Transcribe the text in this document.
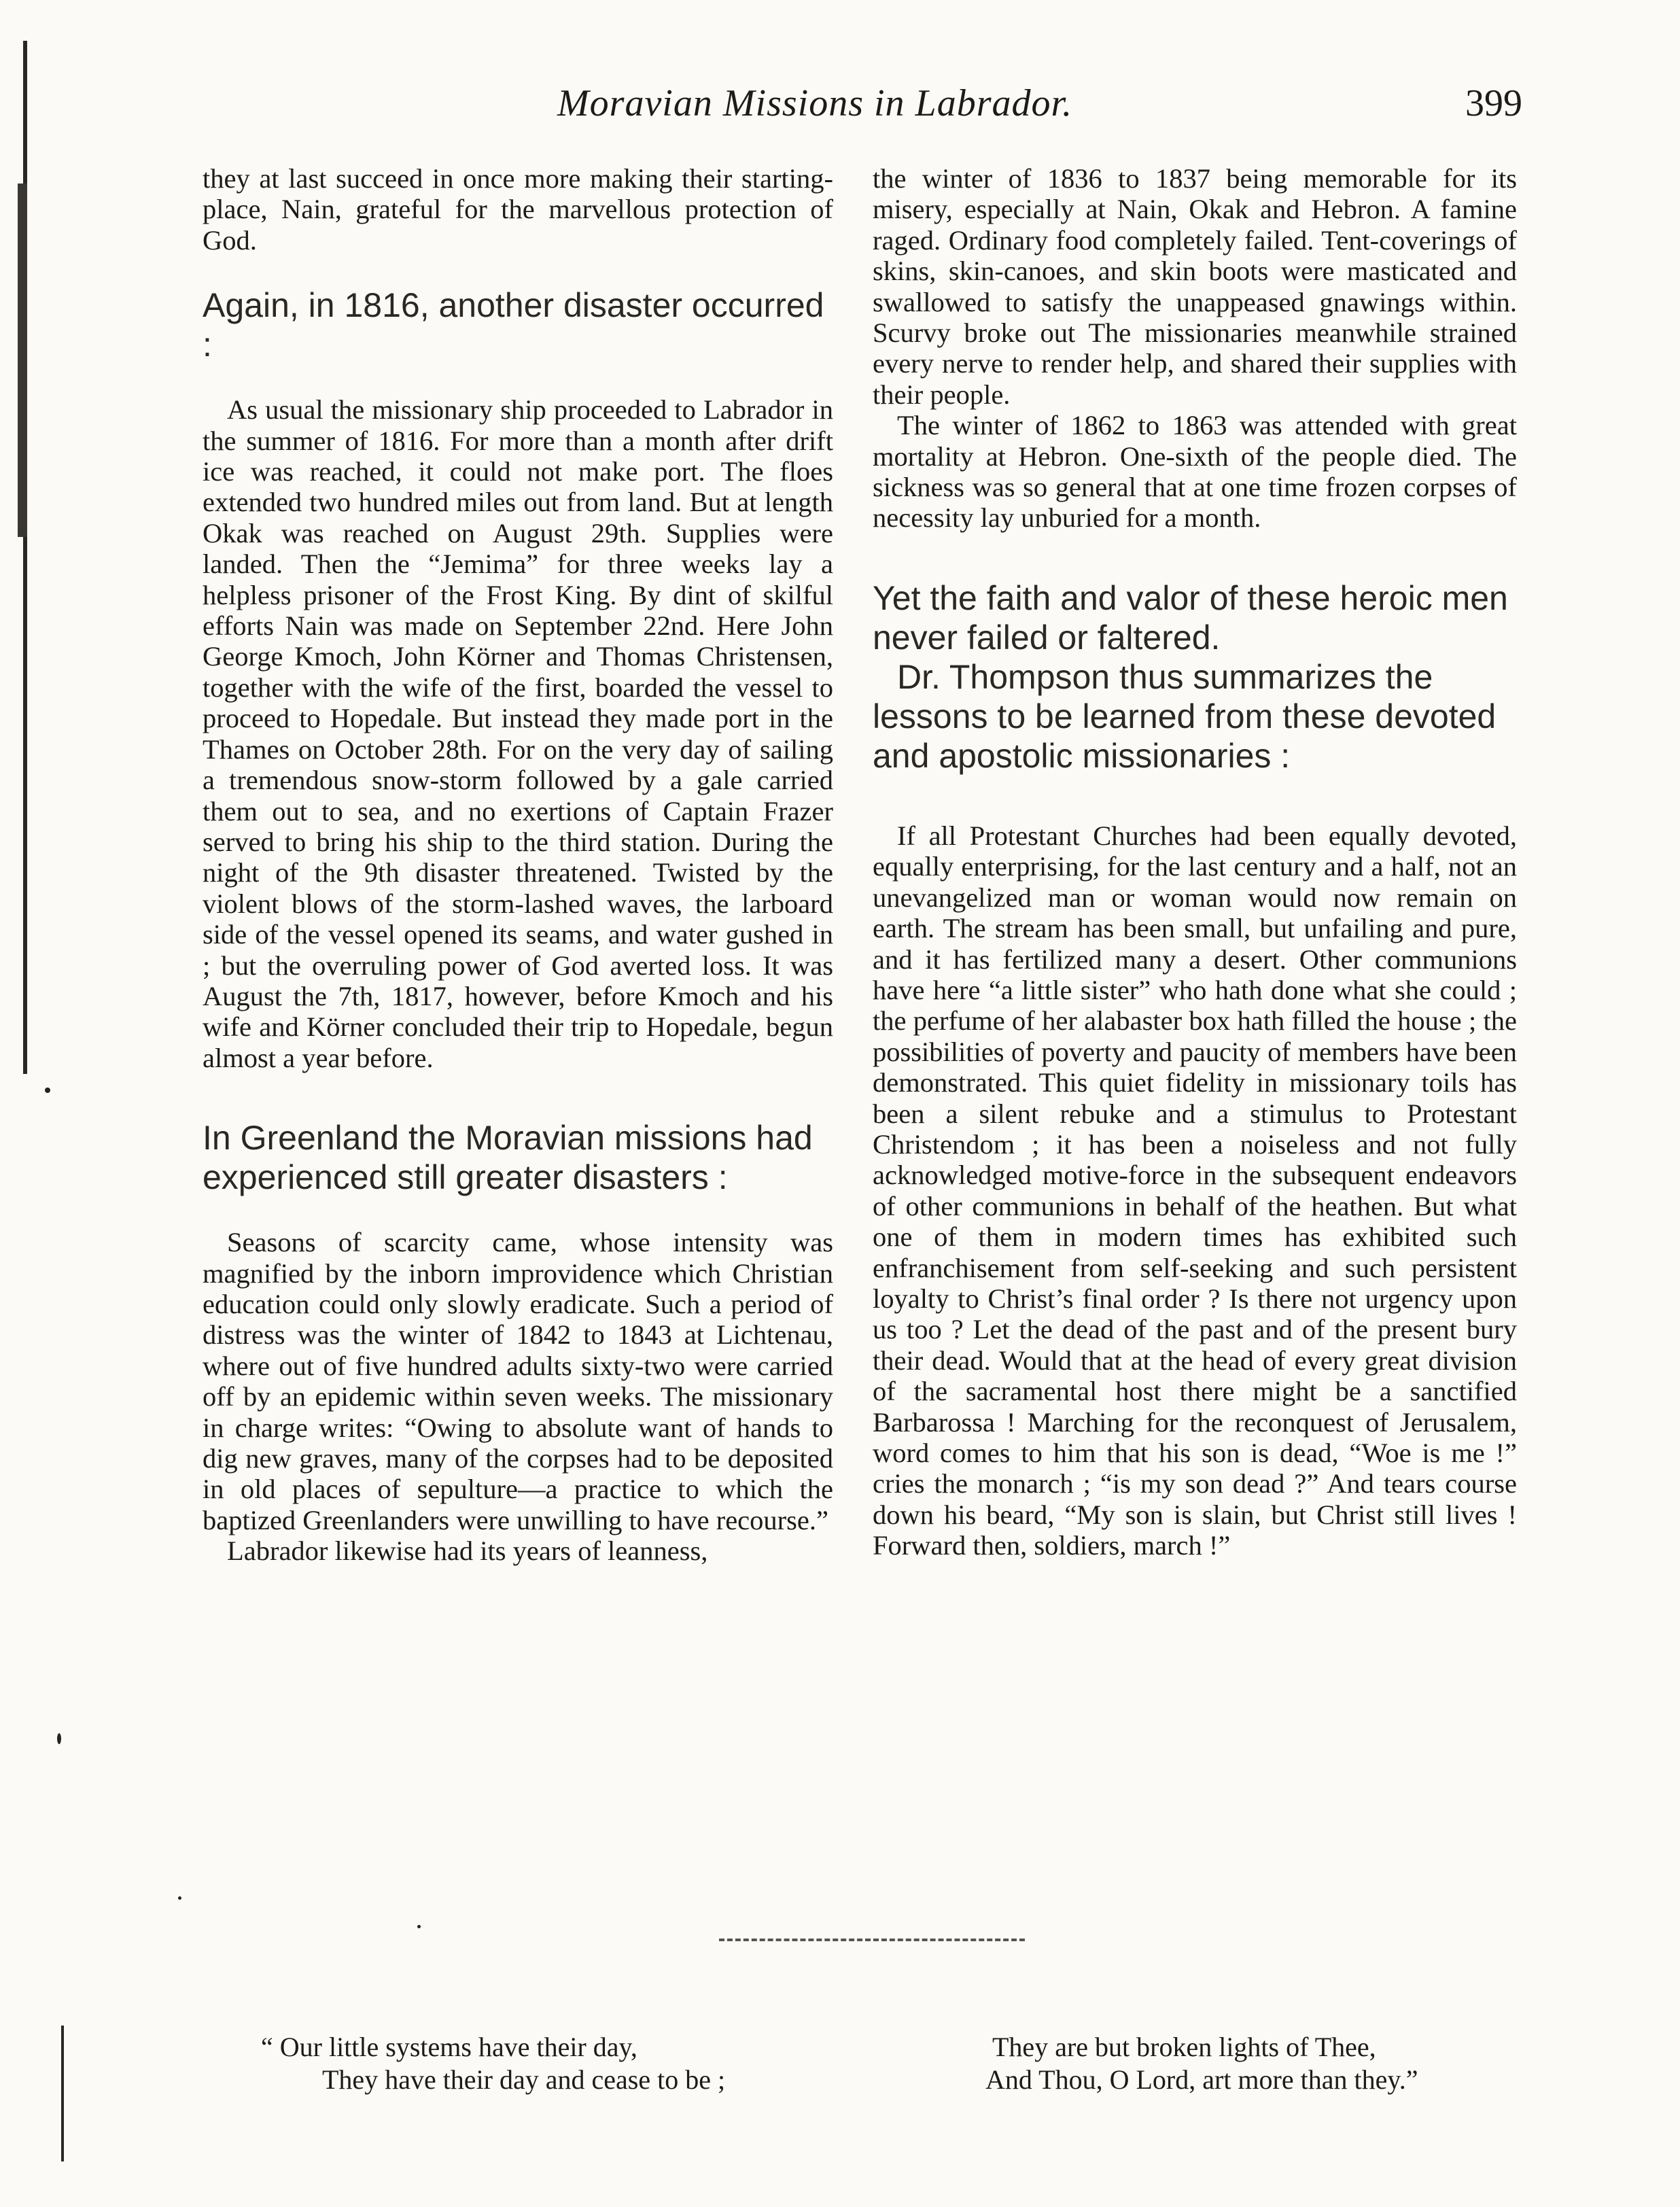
Moravian Missions in Labrador.	399

they at last succeed in once more making their starting-place, Nain, grateful for the marvellous protection of God.

Again, in 1816, another disaster occurred :

As usual the missionary ship proceeded to Labrador in the summer of 1816. For more than a month after drift ice was reached, it could not make port. The floes extended two hundred miles out from land. But at length Okak was reached on August 29th. Supplies were landed. Then the “Jemima” for three weeks lay a helpless prisoner of the Frost King. By dint of skilful efforts Nain was made on September 22nd. Here John George Kmoch, John Körner and Thomas Christensen, together with the wife of the first, boarded the vessel to proceed to Hopedale. But instead they made port in the Thames on October 28th. For on the very day of sailing a tremendous snow-storm followed by a gale carried them out to sea, and no exertions of Captain Frazer served to bring his ship to the third station. During the night of the 9th disaster threatened. Twisted by the violent blows of the storm-lashed waves, the larboard side of the vessel opened its seams, and water gushed in ; but the overruling power of God averted loss. It was August the 7th, 1817, however, before Kmoch and his wife and Körner concluded their trip to Hopedale, begun almost a year before.

In Greenland the Moravian missions had experienced still greater disasters :

Seasons of scarcity came, whose intensity was magnified by the inborn improvidence which Christian education could only slowly eradicate. Such a period of distress was the winter of 1842 to 1843 at Lichtenau, where out of five hundred adults sixty-two were carried off by an epidemic within seven weeks. The missionary in charge writes: “Owing to absolute want of hands to dig new graves, many of the corpses had to be deposited in old places of sepulture—a practice to which the baptized Greenlanders were unwilling to have recourse.”

Labrador likewise had its years of leanness,

the winter of 1836 to 1837 being memorable for its misery, especially at Nain, Okak and Hebron. A famine raged. Ordinary food completely failed. Tent-coverings of skins, skin-canoes, and skin boots were masticated and swallowed to satisfy the unappeased gnawings within. Scurvy broke out The missionaries meanwhile strained every nerve to render help, and shared their supplies with their people.

The winter of 1862 to 1863 was attended with great mortality at Hebron. One-sixth of the people died. The sickness was so general that at one time frozen corpses of necessity lay unburied for a month.

Yet the faith and valor of these heroic men never failed or faltered.

Dr. Thompson thus summarizes the lessons to be learned from these devoted and apostolic missionaries :

If all Protestant Churches had been equally devoted, equally enterprising, for the last century and a half, not an unevangelized man or woman would now remain on earth. The stream has been small, but unfailing and pure, and it has fertilized many a desert. Other communions have here “a little sister” who hath done what she could ; the perfume of her alabaster box hath filled the house ; the possibilities of poverty and paucity of members have been demonstrated. This quiet fidelity in missionary toils has been a silent rebuke and a stimulus to Protestant Christendom ; it has been a noiseless and not fully acknowledged motive-force in the subsequent endeavors of other communions in behalf of the heathen. But what one of them in modern times has exhibited such enfranchisement from self-seeking and such persistent loyalty to Christ’s final order ? Is there not urgency upon us too ? Let the dead of the past and of the present bury their dead. Would that at the head of every great division of the sacramental host there might be a sanctified Barbarossa ! Marching for the reconquest of Jerusalem, word comes to him that his son is dead, “Woe is me !” cries the monarch ; “is my son dead ?” And tears course down his beard, “My son is slain, but Christ still lives ! Forward then, soldiers, march !”

“ Our little systems have their day,
They have their day and cease to be ;
They are but broken lights of Thee,
And Thou, O Lord, art more than they.”
